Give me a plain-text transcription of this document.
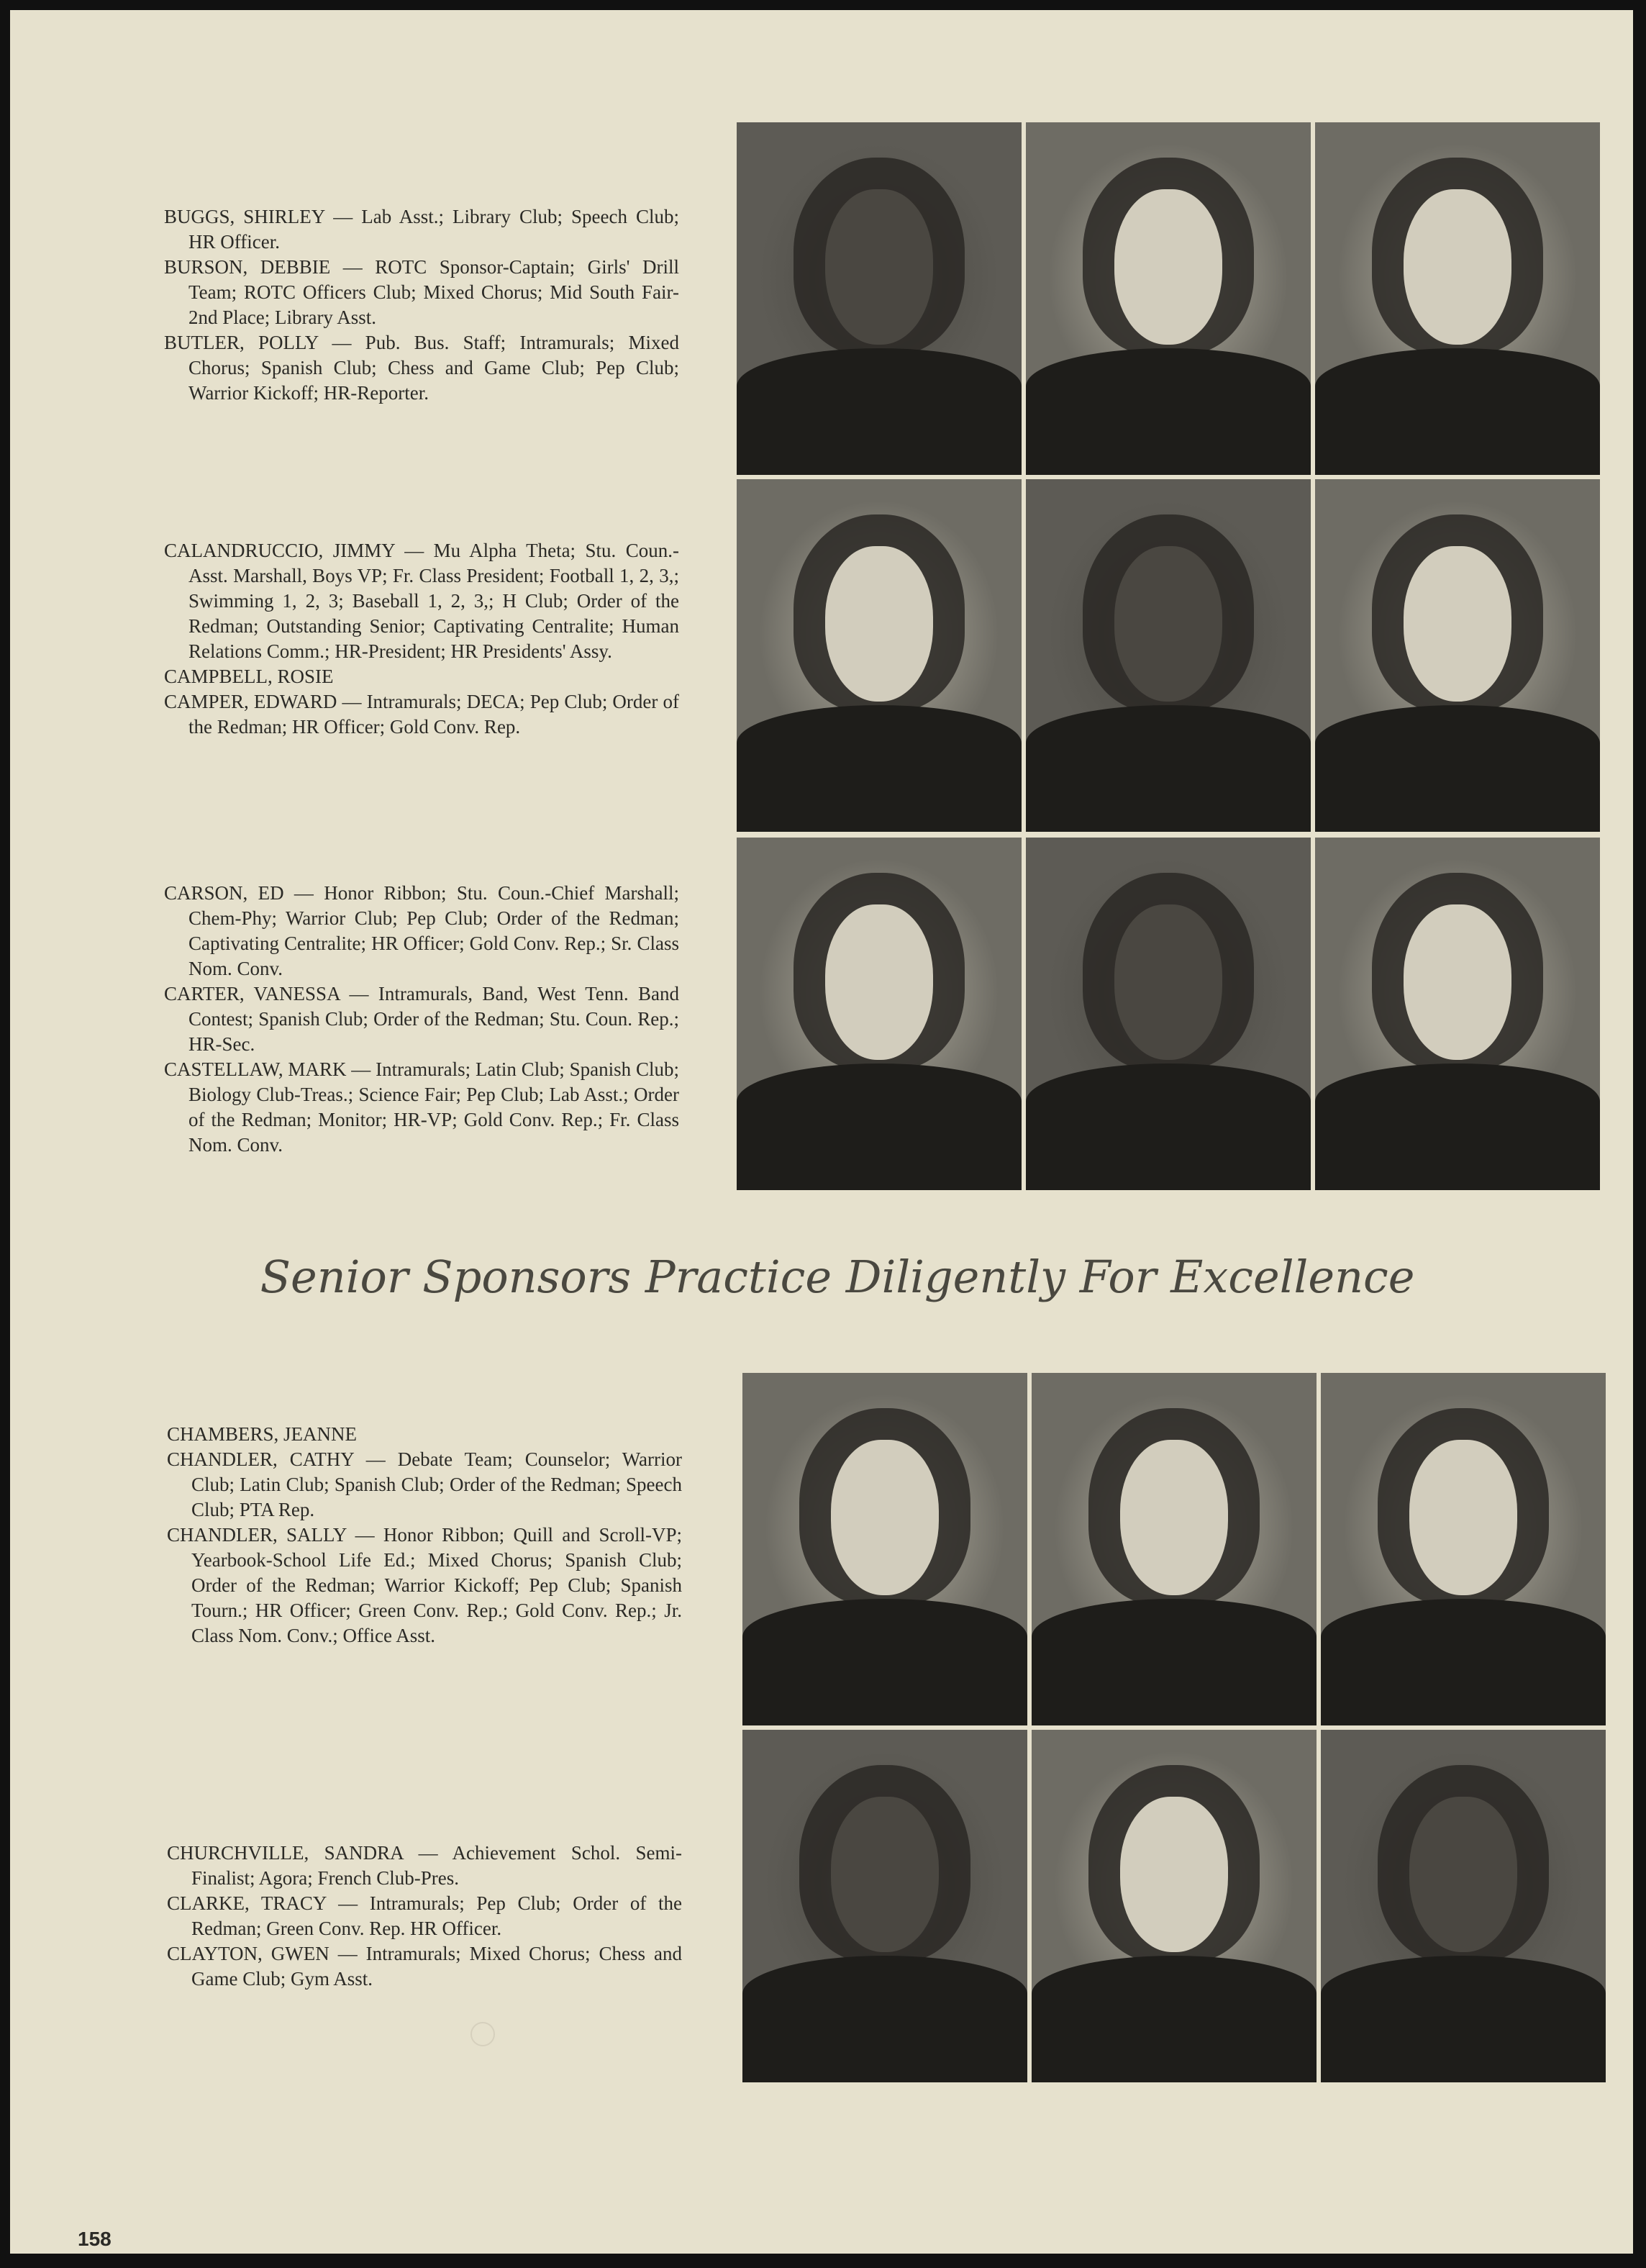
BUGGS, SHIRLEY — Lab Asst.; Library Club; Speech Club; HR Officer.
BURSON, DEBBIE — ROTC Sponsor-Captain; Girls' Drill Team; ROTC Officers Club; Mixed Chorus; Mid South Fair-2nd Place; Library Asst.
BUTLER, POLLY — Pub. Bus. Staff; Intramurals; Mixed Chorus; Spanish Club; Chess and Game Club; Pep Club; Warrior Kickoff; HR-Reporter.
CALANDRUCCIO, JIMMY — Mu Alpha Theta; Stu. Coun.-Asst. Marshall, Boys VP; Fr. Class President; Football 1, 2, 3,; Swimming 1, 2, 3; Baseball 1, 2, 3,; H Club; Order of the Redman; Outstanding Senior; Captivating Centralite; Human Relations Comm.; HR-President; HR Presidents' Assy.
CAMPBELL, ROSIE
CAMPER, EDWARD — Intramurals; DECA; Pep Club; Order of the Redman; HR Officer; Gold Conv. Rep.
CARSON, ED — Honor Ribbon; Stu. Coun.-Chief Marshall; Chem-Phy; Warrior Club; Pep Club; Order of the Redman; Captivating Centralite; HR Officer; Gold Conv. Rep.; Sr. Class Nom. Conv.
CARTER, VANESSA — Intramurals, Band, West Tenn. Band Contest; Spanish Club; Order of the Redman; Stu. Coun. Rep.; HR-Sec.
CASTELLAW, MARK — Intramurals; Latin Club; Spanish Club; Biology Club-Treas.; Science Fair; Pep Club; Lab Asst.; Order of the Redman; Monitor; HR-VP; Gold Conv. Rep.; Fr. Class Nom. Conv.
Senior Sponsors Practice Diligently For Excellence
CHAMBERS, JEANNE
CHANDLER, CATHY — Debate Team; Counselor; Warrior Club; Latin Club; Spanish Club; Order of the Redman; Speech Club; PTA Rep.
CHANDLER, SALLY — Honor Ribbon; Quill and Scroll-VP; Yearbook-School Life Ed.; Mixed Chorus; Spanish Club; Order of the Redman; Warrior Kickoff; Pep Club; Spanish Tourn.; HR Officer; Green Conv. Rep.; Gold Conv. Rep.; Jr. Class Nom. Conv.; Office Asst.
CHURCHVILLE, SANDRA — Achievement Schol. Semi-Finalist; Agora; French Club-Pres.
CLARKE, TRACY — Intramurals; Pep Club; Order of the Redman; Green Conv. Rep. HR Officer.
CLAYTON, GWEN — Intramurals; Mixed Chorus; Chess and Game Club; Gym Asst.
158
